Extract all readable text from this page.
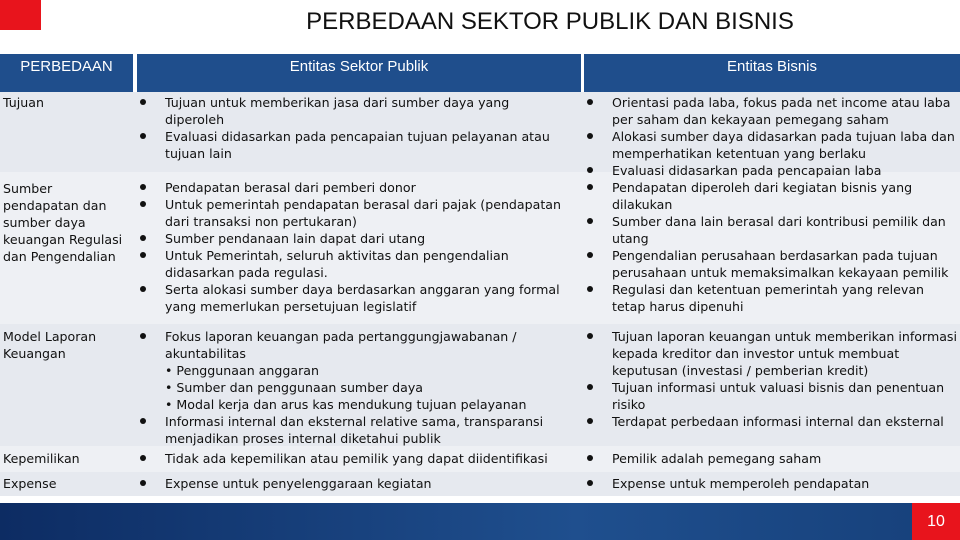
PERBEDAAN SEKTOR PUBLIK DAN BISNIS
PERBEDAAN	Entitas Sektor Publik	Entitas Bisnis
Tujuan
Sumber pendapatan dan sumber daya keuangan Regulasi dan Pengendalian
Model Laporan Keuangan
Kepemilikan
Expense
Tujuan untuk memberikan jasa dari sumber daya yang diperoleh
Evaluasi didasarkan pada pencapaian tujuan pelayanan atau tujuan lain
Pendapatan berasal dari pemberi donor
Untuk pemerintah pendapatan berasal dari pajak (pendapatan dari transaksi non pertukaran)
Sumber pendanaan lain dapat dari utang
Untuk Pemerintah, seluruh aktivitas dan pengendalian didasarkan pada regulasi.
Serta alokasi sumber daya berdasarkan anggaran yang formal yang memerlukan persetujuan legislatif
Fokus laporan keuangan pada pertanggungjawabanan / akuntabilitas
• Penggunaan anggaran
• Sumber dan penggunaan sumber daya
• Modal kerja dan arus kas mendukung tujuan pelayanan
Informasi internal dan eksternal relative sama, transparansi menjadikan proses internal diketahui publik
Tidak ada kepemilikan atau pemilik yang dapat diidentifikasi
Expense untuk penyelenggaraan kegiatan
Orientasi pada laba, fokus pada net income atau laba per saham dan kekayaan pemegang saham
Alokasi sumber daya didasarkan pada tujuan laba dan memperhatikan ketentuan yang berlaku
Evaluasi didasarkan pada pencapaian laba
Pendapatan diperoleh dari kegiatan bisnis yang dilakukan
Sumber dana lain berasal dari kontribusi pemilik dan utang
Pengendalian perusahaan berdasarkan pada tujuan perusahaan untuk memaksimalkan kekayaan pemilik
Regulasi dan ketentuan pemerintah yang relevan tetap harus dipenuhi
Tujuan laporan keuangan untuk memberikan informasi kepada kreditor dan investor untuk membuat keputusan (investasi / pemberian kredit)
Tujuan informasi untuk valuasi bisnis dan penentuan risiko
Terdapat perbedaan informasi internal dan eksternal
Pemilik adalah pemegang saham
Expense untuk memperoleh pendapatan
10
